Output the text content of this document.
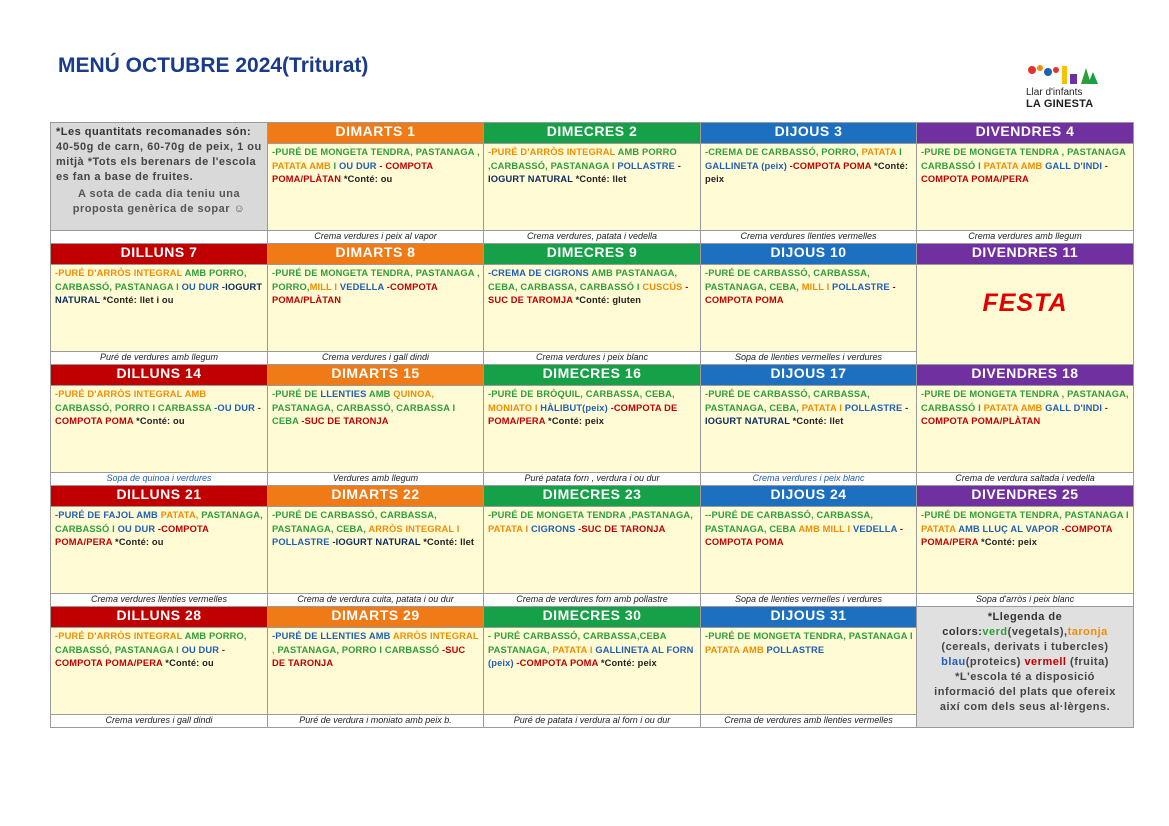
MENÚ OCTUBRE 2024(Triturat)
Llar d'infants
LA GINESTA
*Les quantitats recomanades són: 40-50g de carn, 60-70g de peix, 1 ou mitjà *Tots els berenars de l'escola es fan a base de fruites.
A sota de cada dia teniu una proposta genèrica de sopar ☺	DIMARTS 1	DIMECRES 2	DIJOUS 3	DIVENDRES 4

	-PURÉ DE MONGETA TENDRA, PASTANAGA , PATATA AMB I OU DUR - COMPOTA POMA/PLÀTAN *Conté: ou	-PURÉ D'ARRÒS INTEGRAL AMB PORRO ,CARBASSÓ, PASTANAGA I POLLASTRE -IOGURT NATURAL *Conté: llet	-CREMA DE CARBASSÓ, PORRO, PATATA I GALLINETA (peix) -COMPOTA POMA *Conté: peix	-PURE DE MONGETA TENDRA , PASTANAGA CARBASSÓ I PATATA AMB GALL D'INDI - COMPOTA POMA/PERA

	Crema verdures i peix al vapor	Crema verdures, patata i vedella	Crema verdures llenties vermelles	Crema verdures amb llegum
DILLUNS 7	DIMARTS 8	DIMECRES 9	DIJOUS 10	DIVENDRES 11

-PURÉ D'ARRÒS INTEGRAL AMB PORRO, CARBASSÓ, PASTANAGA I OU DUR -IOGURT NATURAL *Conté: llet i ou	-PURÉ DE MONGETA TENDRA, PASTANAGA , PORRO,MILL I VEDELLA -COMPOTA POMA/PLÀTAN	-CREMA DE CIGRONS AMB PASTANAGA, CEBA, CARBASSA, CARBASSÓ I CUSCÚS - SUC DE TAROMJA *Conté: gluten	-PURÉ DE CARBASSÓ, CARBASSA, PASTANAGA, CEBA, MILL I POLLASTRE -COMPOTA POMA	FESTA

Puré de verdures amb llegum	Crema verdures i gall dindi	Crema verdures i peix blanc	Sopa de llenties vermelles i verdures	
DILLUNS 14	DIMARTS 15	DIMECRES 16	DIJOUS 17	DIVENDRES 18

-PURÉ D'ARRÒS INTEGRAL AMB CARBASSÓ, PORRO I CARBASSA -OU DUR -COMPOTA POMA *Conté: ou	-PURÉ DE LLENTIES AMB QUINOA, PASTANAGA, CARBASSÓ, CARBASSA I CEBA -SUC DE TARONJA	-PURÉ DE BRÒQUIL, CARBASSA, CEBA, MONIATO I HÀLIBUT(peix) -COMPOTA DE POMA/PERA *Conté: peix	-PURÉ DE CARBASSÓ, CARBASSA, PASTANAGA, CEBA, PATATA I POLLASTRE -IOGURT NATURAL *Conté: llet	-PURE DE MONGETA TENDRA , PASTANAGA, CARBASSÓ I PATATA AMB GALL D'INDI - COMPOTA POMA/PLÀTAN

Sopa de quinoa i verdures	Verdures amb llegum	Puré patata forn , verdura i ou dur	Crema verdures i peix blanc	Crema de verdura saltada i vedella
DILLUNS 21	DIMARTS 22	DIMECRES 23	DIJOUS 24	DIVENDRES 25

-PURÉ DE FAJOL AMB PATATA, PASTANAGA, CARBASSÓ I OU DUR -COMPOTA POMA/PERA *Conté: ou	-PURÉ DE CARBASSÓ, CARBASSA, PASTANAGA, CEBA, ARRÒS INTEGRAL I POLLASTRE -IOGURT NATURAL *Conté: llet	-PURÉ DE MONGETA TENDRA ,PASTANAGA, PATATA I CIGRONS -SUC DE TARONJA	--PURÉ DE CARBASSÓ, CARBASSA, PASTANAGA, CEBA AMB MILL I VEDELLA -COMPOTA POMA	-PURÉ DE MONGETA TENDRA, PASTANAGA I PATATA AMB LLUÇ AL VAPOR -COMPOTA POMA/PERA *Conté: peix

Crema verdures llenties vermelles	Crema de verdura cuita, patata i ou dur	Crema de verdures forn amb pollastre	Sopa de llenties vermelles i verdures	Sopa d'arròs i peix blanc
DILLUNS 28	DIMARTS 29	DIMECRES 30	DIJOUS 31	*Llegenda de colors:verd(vegetals),taronja (cereals, derivats i tubercles) blau(proteics) vermell (fruita)
*L'escola té a disposició informació del plats que ofereix així com dels seus al·lèrgens.

-PURÉ D'ARRÒS INTEGRAL AMB PORRO, CARBASSÓ, PASTANAGA I OU DUR - COMPOTA POMA/PERA *Conté: ou	-PURÉ DE LLENTIES AMB ARRÒS INTEGRAL , PASTANAGA, PORRO I CARBASSÓ -SUC DE TARONJA	- PURÉ CARBASSÓ, CARBASSA,CEBA PASTANAGA, PATATA I GALLINETA AL FORN (peix) -COMPOTA POMA *Conté: peix	-PURÉ DE MONGETA TENDRA, PASTANAGA I PATATA AMB POLLASTRE	

Crema verdures i gall dindi	Puré de verdura i moniato amb peix b.	Puré de patata i verdura al forn i ou dur	Crema de verdures amb llenties vermelles	
